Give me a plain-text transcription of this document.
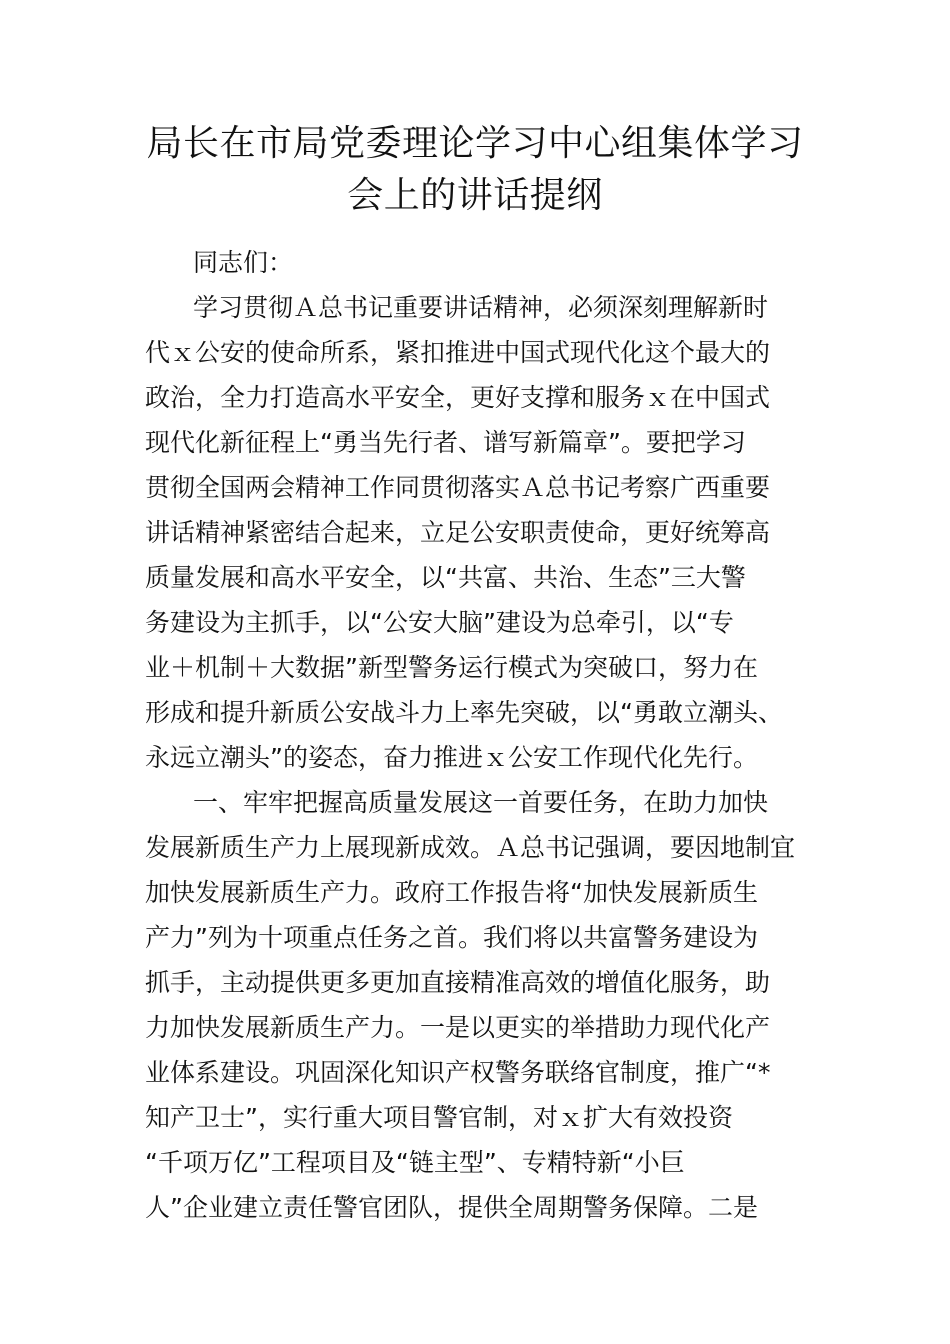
局长在市局党委理论学习中心组集体学习
会上的讲话提纲
同志们：
学习贯彻Ａ总书记重要讲话精神，必须深刻理解新时
代ｘ公安的使命所系，紧扣推进中国式现代化这个最大的
政治，全力打造高水平安全，更好支撑和服务ｘ在中国式
现代化新征程上“勇当先行者、谱写新篇章”。要把学习
贯彻全国两会精神工作同贯彻落实Ａ总书记考察广西重要
讲话精神紧密结合起来，立足公安职责使命，更好统筹高
质量发展和高水平安全，以“共富、共治、生态”三大警
务建设为主抓手，以“公安大脑”建设为总牵引，以“专
业＋机制＋大数据”新型警务运行模式为突破口，努力在
形成和提升新质公安战斗力上率先突破，以“勇敢立潮头、
永远立潮头”的姿态，奋力推进ｘ公安工作现代化先行。
一、牢牢把握高质量发展这一首要任务，在助力加快
发展新质生产力上展现新成效。Ａ总书记强调，要因地制宜
加快发展新质生产力。政府工作报告将“加快发展新质生
产力”列为十项重点任务之首。我们将以共富警务建设为
抓手，主动提供更多更加直接精准高效的增值化服务，助
力加快发展新质生产力。一是以更实的举措助力现代化产
业体系建设。巩固深化知识产权警务联络官制度，推广“*
知产卫士”，实行重大项目警官制，对ｘ扩大有效投资
“千项万亿”工程项目及“链主型”、专精特新“小巨
人”企业建立责任警官团队，提供全周期警务保障。二是
